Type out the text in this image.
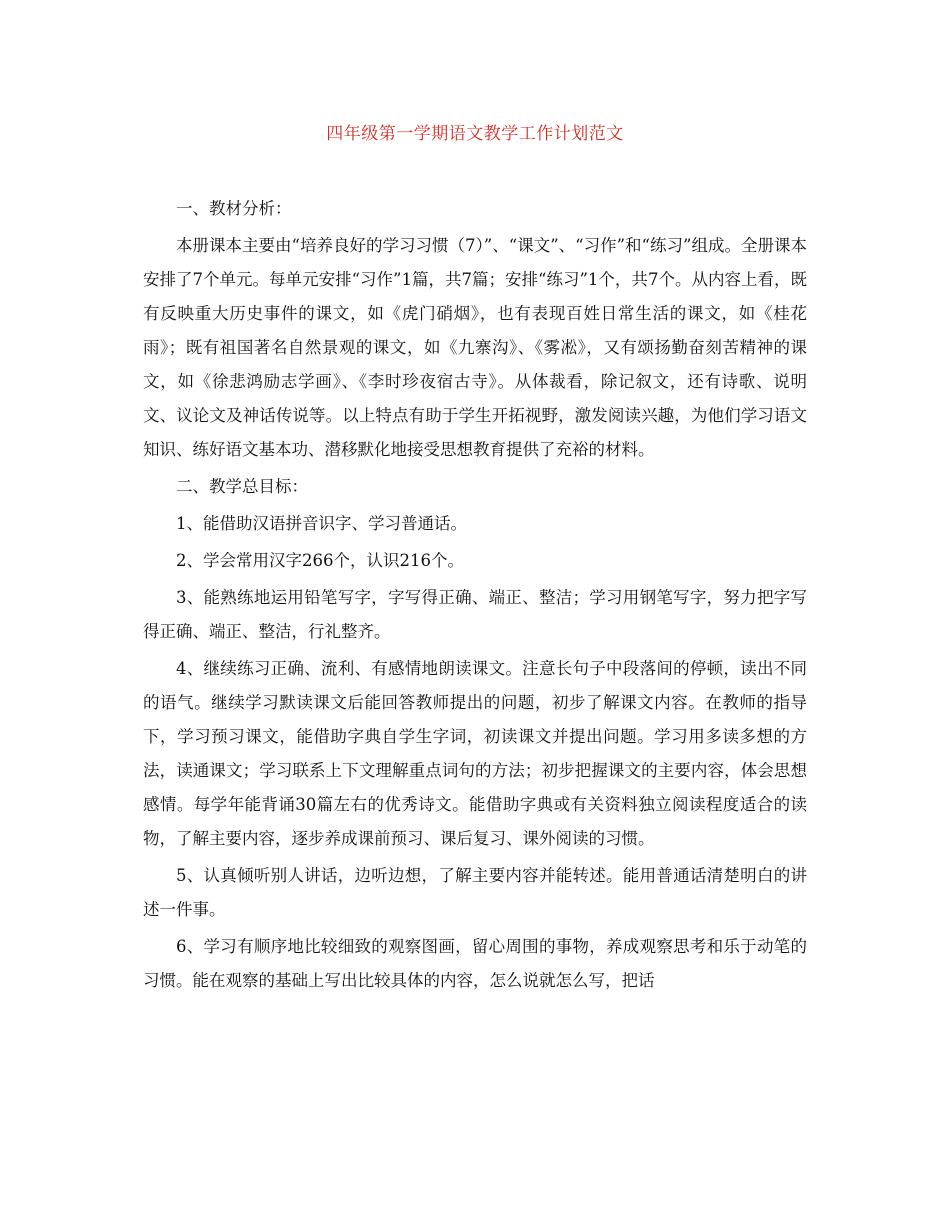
四年级第一学期语文教学工作计划范文

一、教材分析：

本册课本主要由“培养良好的学习习惯（7）”、“课文”、“习作”和“练习”组成。全册课本安排了7个单元。每单元安排“习作”1篇，共7篇；安排“练习”1个，共7个。从内容上看，既有反映重大历史事件的课文，如《虎门硝烟》，也有表现百姓日常生活的课文，如《桂花雨》；既有祖国著名自然景观的课文，如《九寨沟》、《雾凇》，又有颂扬勤奋刻苦精神的课文，如《徐悲鸿励志学画》、《李时珍夜宿古寺》。从体裁看，除记叙文，还有诗歌、说明文、议论文及神话传说等。以上特点有助于学生开拓视野，激发阅读兴趣，为他们学习语文知识、练好语文基本功、潜移默化地接受思想教育提供了充裕的材料。

二、教学总目标：

1、能借助汉语拼音识字、学习普通话。

2、学会常用汉字266个，认识216个。

3、能熟练地运用铅笔写字，字写得正确、端正、整洁；学习用钢笔写字，努力把字写得正确、端正、整洁，行礼整齐。

4、继续练习正确、流利、有感情地朗读课文。注意长句子中段落间的停顿，读出不同的语气。继续学习默读课文后能回答教师提出的问题，初步了解课文内容。在教师的指导下，学习预习课文，能借助字典自学生字词，初读课文并提出问题。学习用多读多想的方法，读通课文；学习联系上下文理解重点词句的方法；初步把握课文的主要内容，体会思想感情。每学年能背诵30篇左右的优秀诗文。能借助字典或有关资料独立阅读程度适合的读物，了解主要内容，逐步养成课前预习、课后复习、课外阅读的习惯。

5、认真倾听别人讲话，边听边想，了解主要内容并能转述。能用普通话清楚明白的讲述一件事。

6、学习有顺序地比较细致的观察图画，留心周围的事物，养成观察思考和乐于动笔的习惯。能在观察的基础上写出比较具体的内容，怎么说就怎么写，把话
